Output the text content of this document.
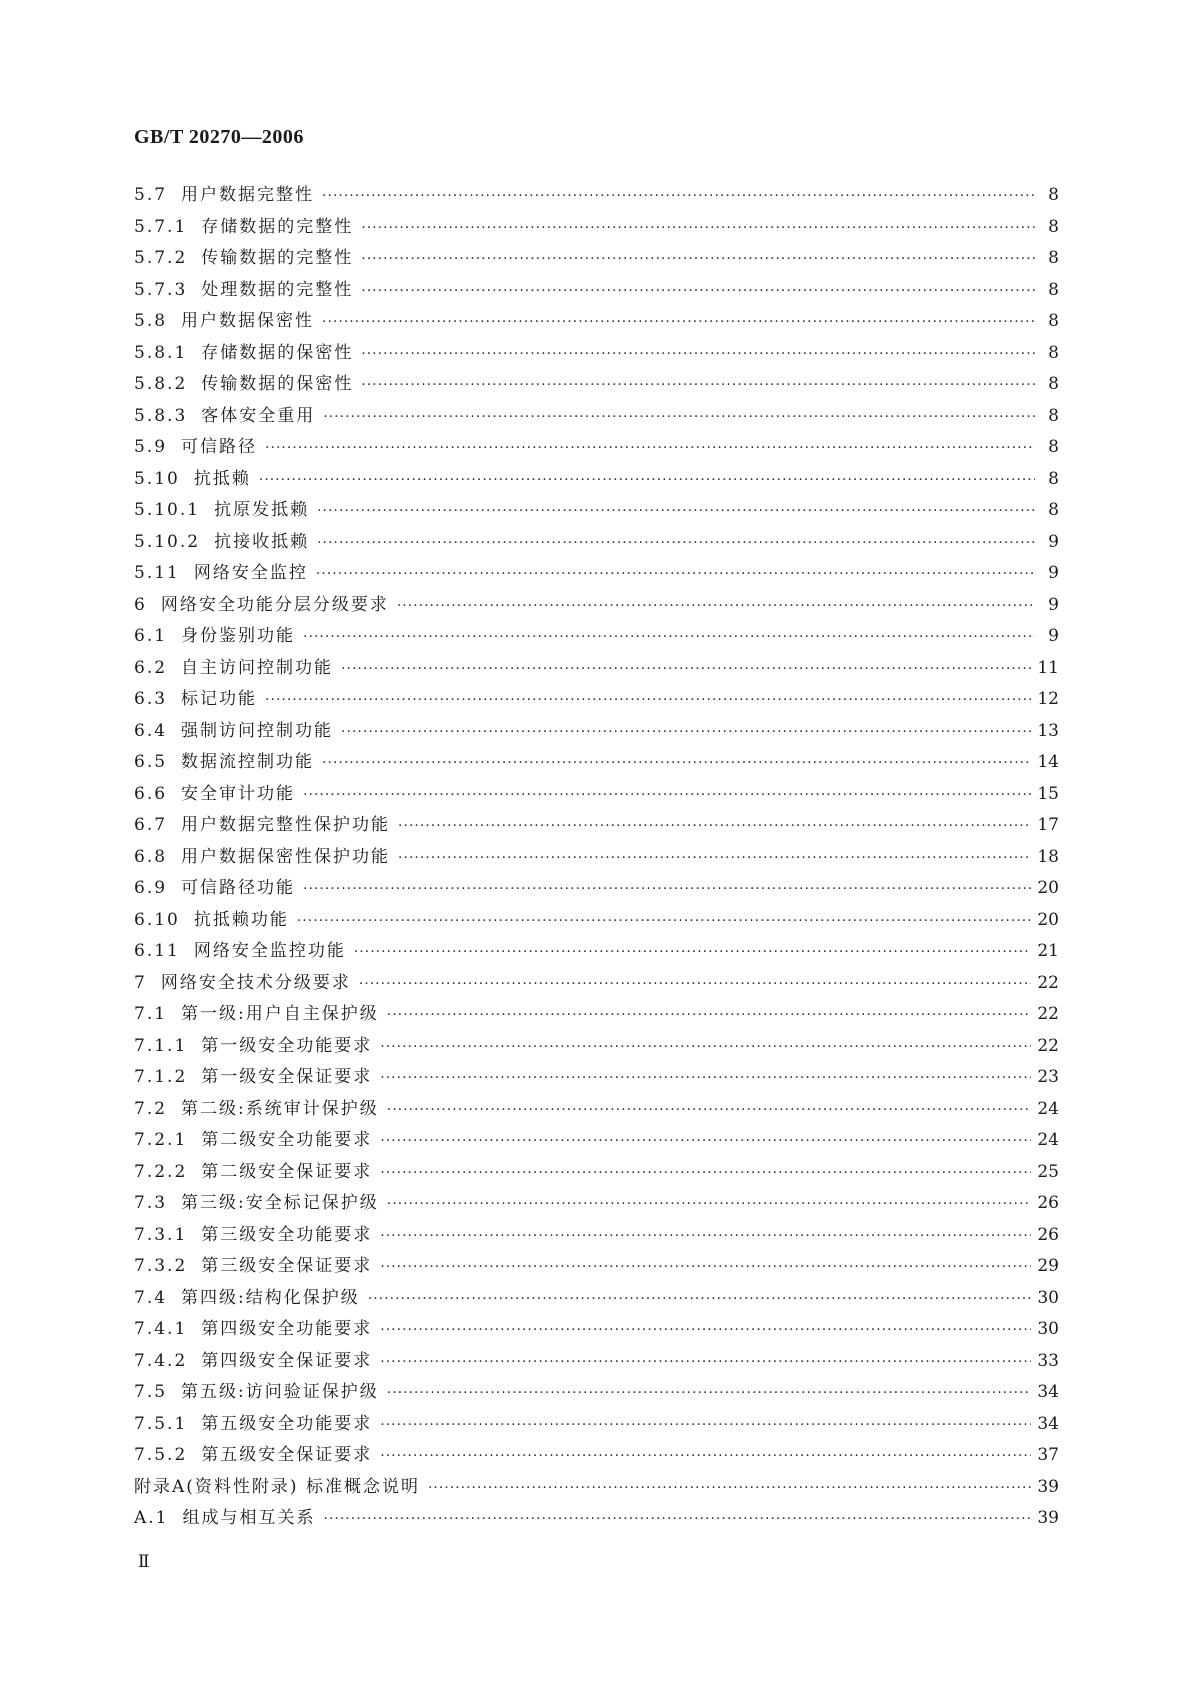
GB/T 20270—2006
5.7 用户数据完整性 ·····	8
5.7.1 存储数据的完整性 ·····	8
5.7.2 传输数据的完整性 ·····	8
5.7.3 处理数据的完整性 ·····	8
5.8 用户数据保密性 ·····	8
5.8.1 存储数据的保密性 ·····	8
5.8.2 传输数据的保密性 ·····	8
5.8.3 客体安全重用 ·····	8
5.9 可信路径 ·····	8
5.10 抗抵赖 ·····	8
5.10.1 抗原发抵赖 ·····	8
5.10.2 抗接收抵赖 ·····	9
5.11 网络安全监控 ·····	9
6 网络安全功能分层分级要求 ·····	9
6.1 身份鉴别功能 ·····	9
6.2 自主访问控制功能 ·····	11
6.3 标记功能 ·····	12
6.4 强制访问控制功能 ·····	13
6.5 数据流控制功能 ·····	14
6.6 安全审计功能 ·····	15
6.7 用户数据完整性保护功能 ·····	17
6.8 用户数据保密性保护功能 ·····	18
6.9 可信路径功能 ·····	20
6.10 抗抵赖功能 ·····	20
6.11 网络安全监控功能 ·····	21
7 网络安全技术分级要求 ·····	22
7.1 第一级:用户自主保护级 ·····	22
7.1.1 第一级安全功能要求 ·····	22
7.1.2 第一级安全保证要求 ·····	23
7.2 第二级:系统审计保护级 ·····	24
7.2.1 第二级安全功能要求 ·····	24
7.2.2 第二级安全保证要求 ·····	25
7.3 第三级:安全标记保护级 ·····	26
7.3.1 第三级安全功能要求 ·····	26
7.3.2 第三级安全保证要求 ·····	29
7.4 第四级:结构化保护级 ·····	30
7.4.1 第四级安全功能要求 ·····	30
7.4.2 第四级安全保证要求 ·····	33
7.5 第五级:访问验证保护级 ·····	34
7.5.1 第五级安全功能要求 ·····	34
7.5.2 第五级安全保证要求 ·····	37
附录A(资料性附录) 标准概念说明 ·····	39
A.1 组成与相互关系 ·····	39
Ⅱ
